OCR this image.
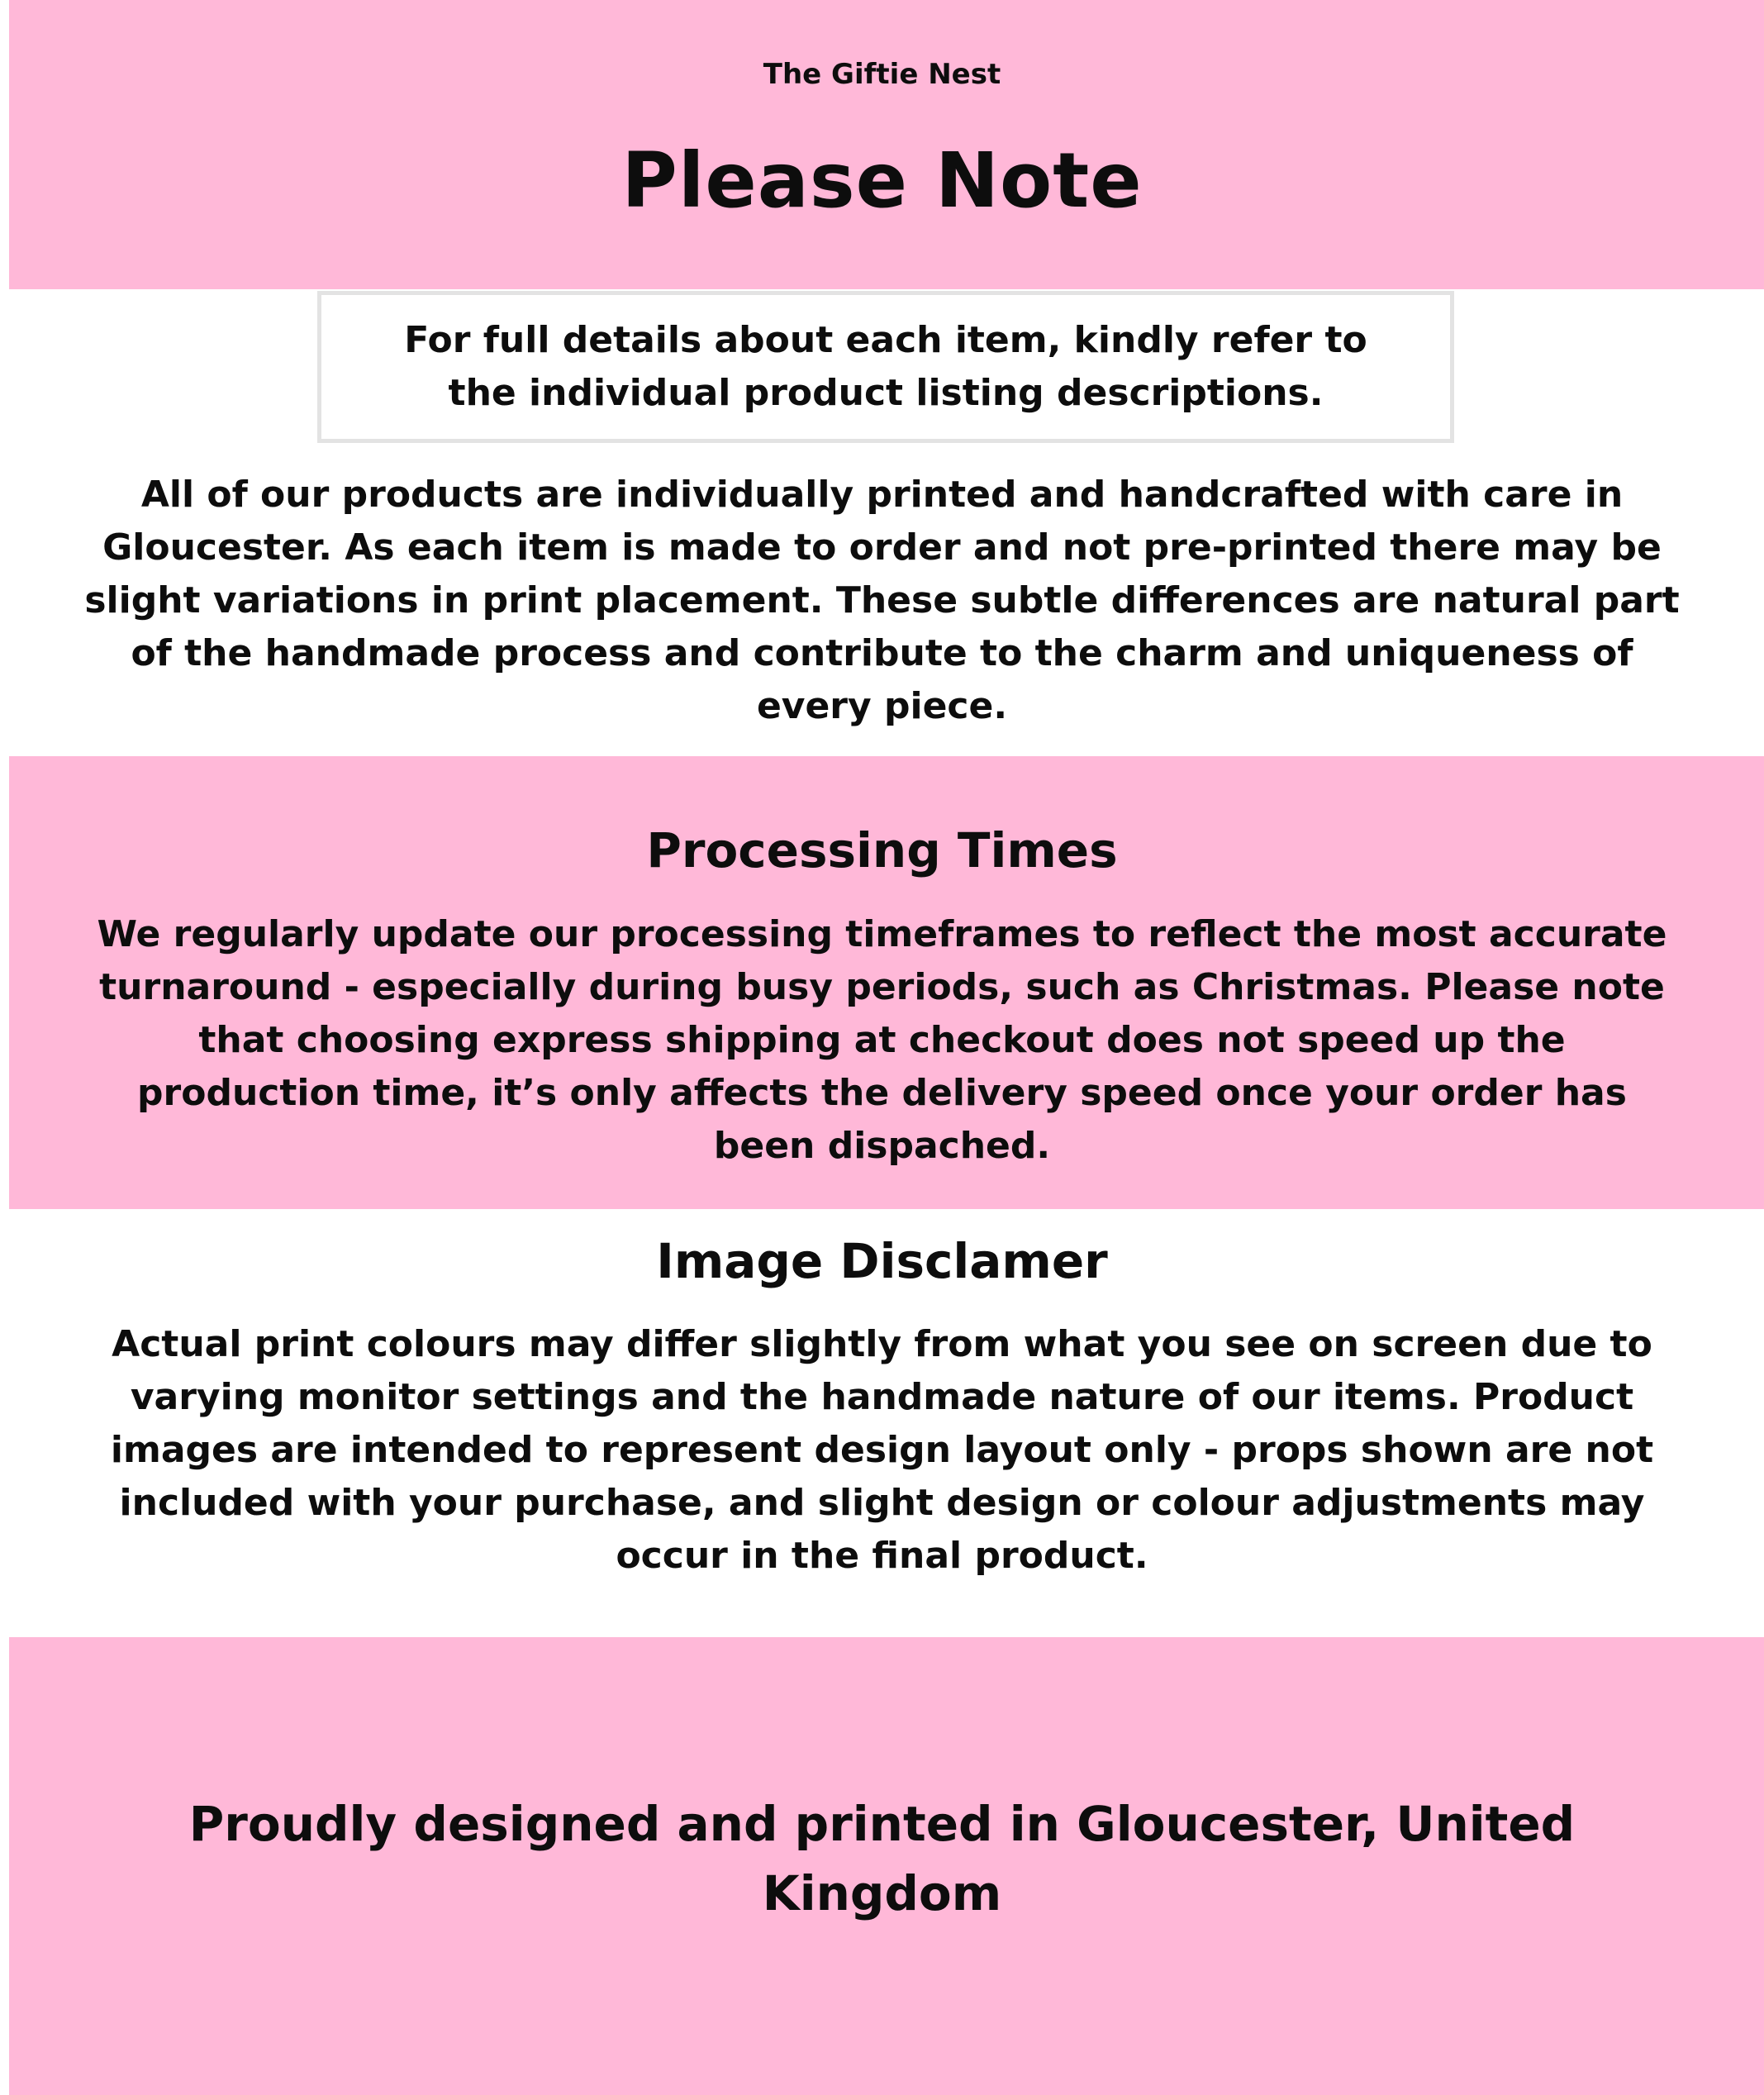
The Giftie Nest

Please Note

For full details about each item, kindly refer to the individual product listing descriptions.

All of our products are individually printed and handcrafted with care in Gloucester. As each item is made to order and not pre-printed there may be slight variations in print placement. These subtle differences are natural part of the handmade process and contribute to the charm and uniqueness of every piece.

Processing Times

We regularly update our processing timeframes to reflect the most accurate turnaround - especially during busy periods, such as Christmas. Please note that choosing express shipping at checkout does not speed up the production time, it’s only affects the delivery speed once your order has been dispached.

Image Disclamer

Actual print colours may differ slightly from what you see on screen due to varying monitor settings and the handmade nature of our items. Product images are intended to represent design layout only - props shown are not included with your purchase, and slight design or colour adjustments may occur in the final product.

Proudly designed and printed in Gloucester, United Kingdom
